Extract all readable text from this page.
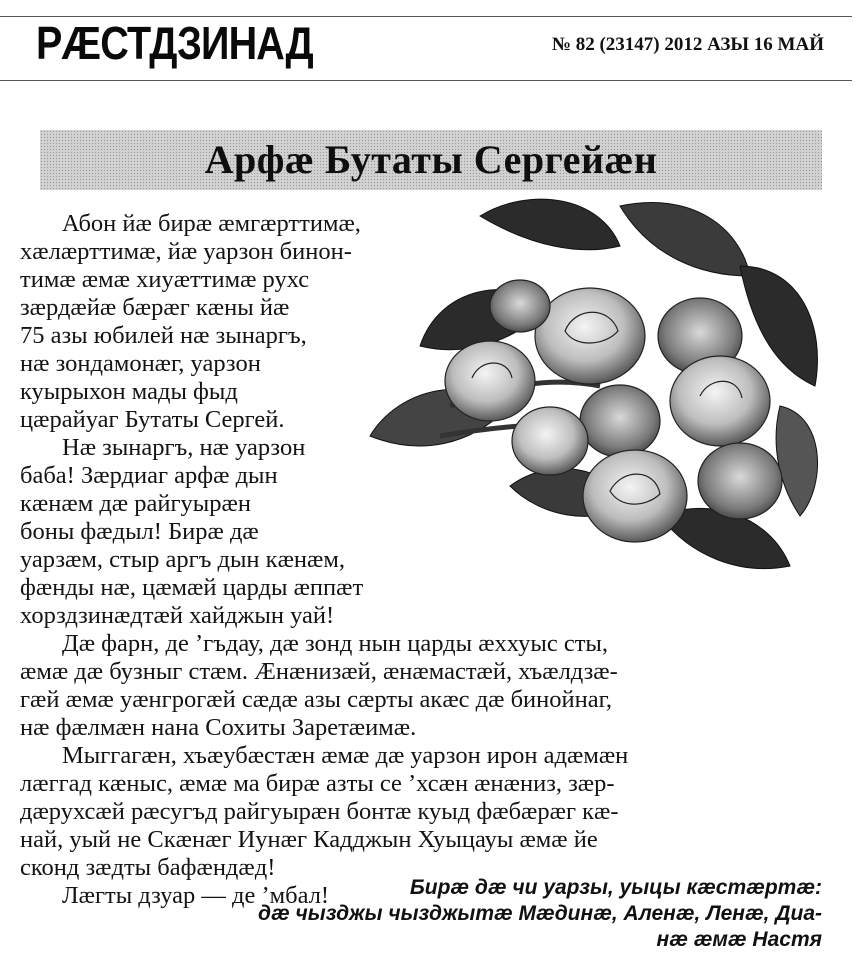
РÆСТДЗИНАД	№ 82 (23147) 2012 АЗЫ 16 МАЙ
Арфæ Бутаты Сергейæн
Абон йæ бирæ æмгæрттимæ,
хæлæрттимæ, йæ уарзон бинон-
тимæ æмæ хиуæттимæ рухс
зæрдæйæ бæрæг кæны йæ
75 азы юбилей нæ зынаргъ,
нæ зондамонæг, уарзон
куырыхон мады фыд
цæрайуаг Бутаты Сергей.
Нæ зынаргъ, нæ уарзон
баба! Зæрдиаг арфæ дын
кæнæм дæ райгуырæн
боны фæдыл! Бирæ дæ
уарзæм, стыр аргъ дын кæнæм,
фæнды нæ, цæмæй царды æппæт
хорздзинæдтæй хайджын уай!
Дæ фарн, де ’гъдау, дæ зонд нын царды æххуыс сты,
æмæ дæ бузныг стæм. Æнæнизæй, æнæмастæй, хъæлдзæ-
гæй æмæ уæнгрогæй сæдæ азы сæрты акæс дæ бинойнаг,
нæ фæлмæн нана Сохиты Заретæимæ.
Мыггагæн, хъæубæстæн æмæ дæ уарзон ирон адæмæн
лæггад кæныс, æмæ ма бирæ азты се ’хсæн æнæниз, зæр-
дæрухсæй рæсугъд райгуырæн бонтæ куыд фæбæрæг кæ-
най, уый не Скæнæг Иунæг Кадджын Хуыцауы æмæ йе
сконд зæдты бафæндæд!
Лæгты дзуар — де ’мбал!	Бирæ дæ чи уарзы, уыцы кæстæртæ:
дæ чызджы чызджытæ Мæдинæ, Аленæ, Ленæ, Диа-
нæ æмæ Настя
